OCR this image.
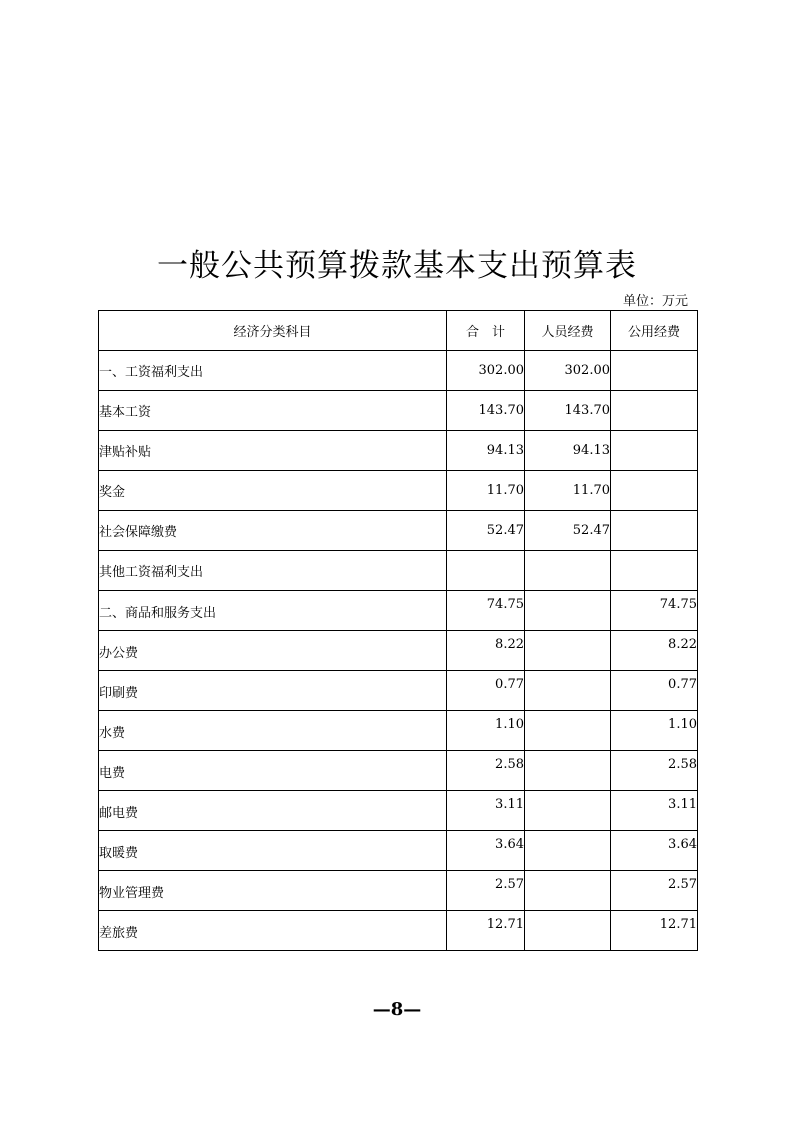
一般公共预算拨款基本支出预算表
单位：万元
经济分类科目	合　计	人员经费	公用经费
一、工资福利支出	302.00	302.00	
基本工资	143.70	143.70	
津贴补贴	94.13	94.13	
奖金	11.70	11.70	
社会保障缴费	52.47	52.47	
其他工资福利支出			
二、商品和服务支出	74.75		74.75
办公费	8.22		8.22
印刷费	0.77		0.77
水费	1.10		1.10
电费	2.58		2.58
邮电费	3.11		3.11
取暖费	3.64		3.64
物业管理费	2.57		2.57
差旅费	12.71		12.71
—8—
